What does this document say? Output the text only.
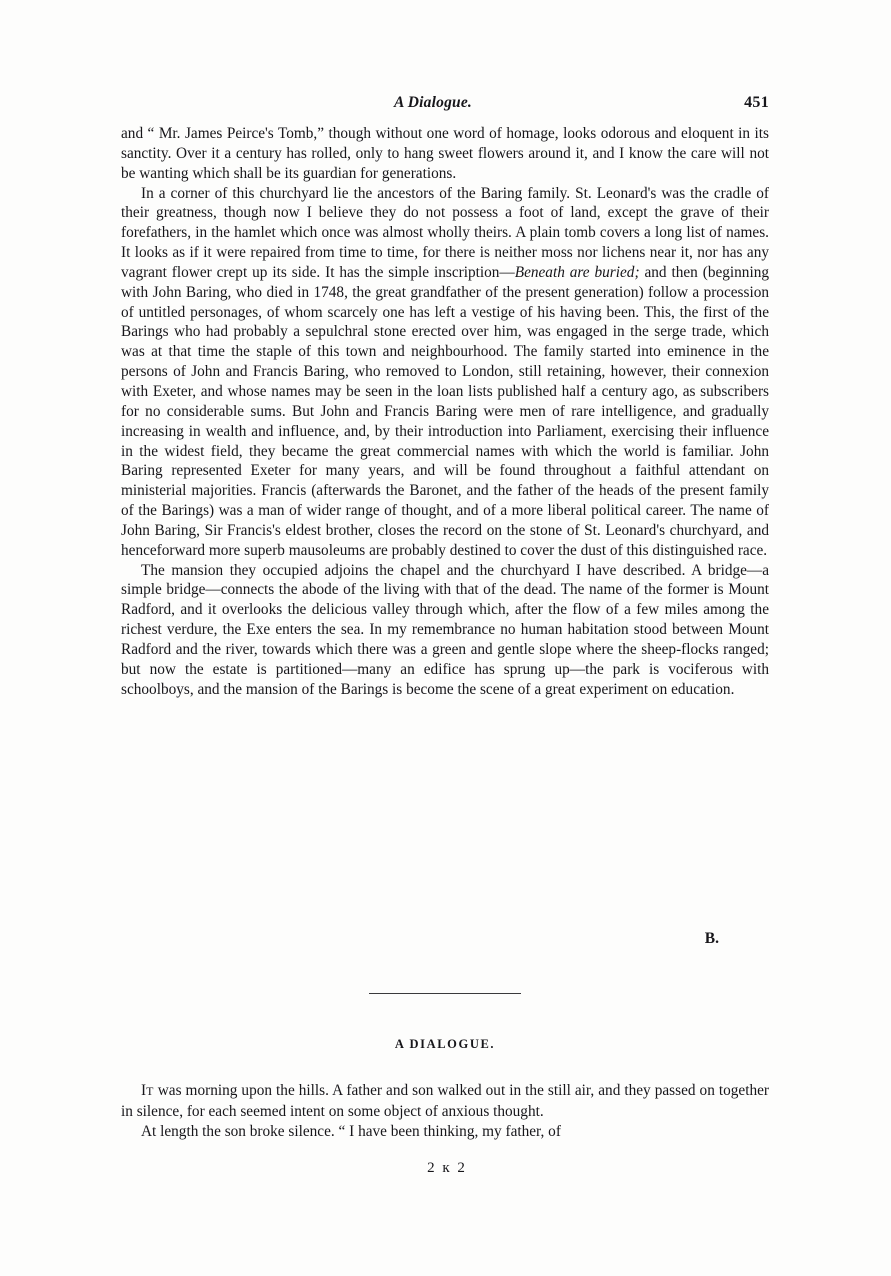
A Dialogue.	451

and “ Mr. James Peirce's Tomb,” though without one word of homage, looks odorous and eloquent in its sanctity. Over it a century has rolled, only to hang sweet flowers around it, and I know the care will not be wanting which shall be its guardian for generations.

In a corner of this churchyard lie the ancestors of the Baring family. St. Leonard's was the cradle of their greatness, though now I believe they do not possess a foot of land, except the grave of their forefathers, in the hamlet which once was almost wholly theirs. A plain tomb covers a long list of names. It looks as if it were repaired from time to time, for there is neither moss nor lichens near it, nor has any vagrant flower crept up its side. It has the simple inscription—Beneath are buried; and then (beginning with John Baring, who died in 1748, the great grandfather of the present generation) follow a procession of untitled personages, of whom scarcely one has left a vestige of his having been. This, the first of the Barings who had probably a sepulchral stone erected over him, was engaged in the serge trade, which was at that time the staple of this town and neighbourhood. The family started into eminence in the persons of John and Francis Baring, who removed to London, still retaining, however, their connexion with Exeter, and whose names may be seen in the loan lists published half a century ago, as subscribers for no considerable sums. But John and Francis Baring were men of rare intelligence, and gradually increasing in wealth and influence, and, by their introduction into Parliament, exercising their influence in the widest field, they became the great commercial names with which the world is familiar. John Baring represented Exeter for many years, and will be found throughout a faithful attendant on ministerial majorities. Francis (afterwards the Baronet, and the father of the heads of the present family of the Barings) was a man of wider range of thought, and of a more liberal political career. The name of John Baring, Sir Francis's eldest brother, closes the record on the stone of St. Leonard's churchyard, and henceforward more superb mausoleums are probably destined to cover the dust of this distinguished race.

The mansion they occupied adjoins the chapel and the churchyard I have described. A bridge—a simple bridge—connects the abode of the living with that of the dead. The name of the former is Mount Radford, and it overlooks the delicious valley through which, after the flow of a few miles among the richest verdure, the Exe enters the sea. In my remembrance no human habitation stood between Mount Radford and the river, towards which there was a green and gentle slope where the sheep-flocks ranged; but now the estate is partitioned—many an edifice has sprung up—the park is vociferous with schoolboys, and the mansion of the Barings is become the scene of a great experiment on education.

B.
A DIALOGUE.

IT was morning upon the hills. A father and son walked out in the still air, and they passed on together in silence, for each seemed intent on some object of anxious thought.

At length the son broke silence. “ I have been thinking, my father, of

2 к 2
